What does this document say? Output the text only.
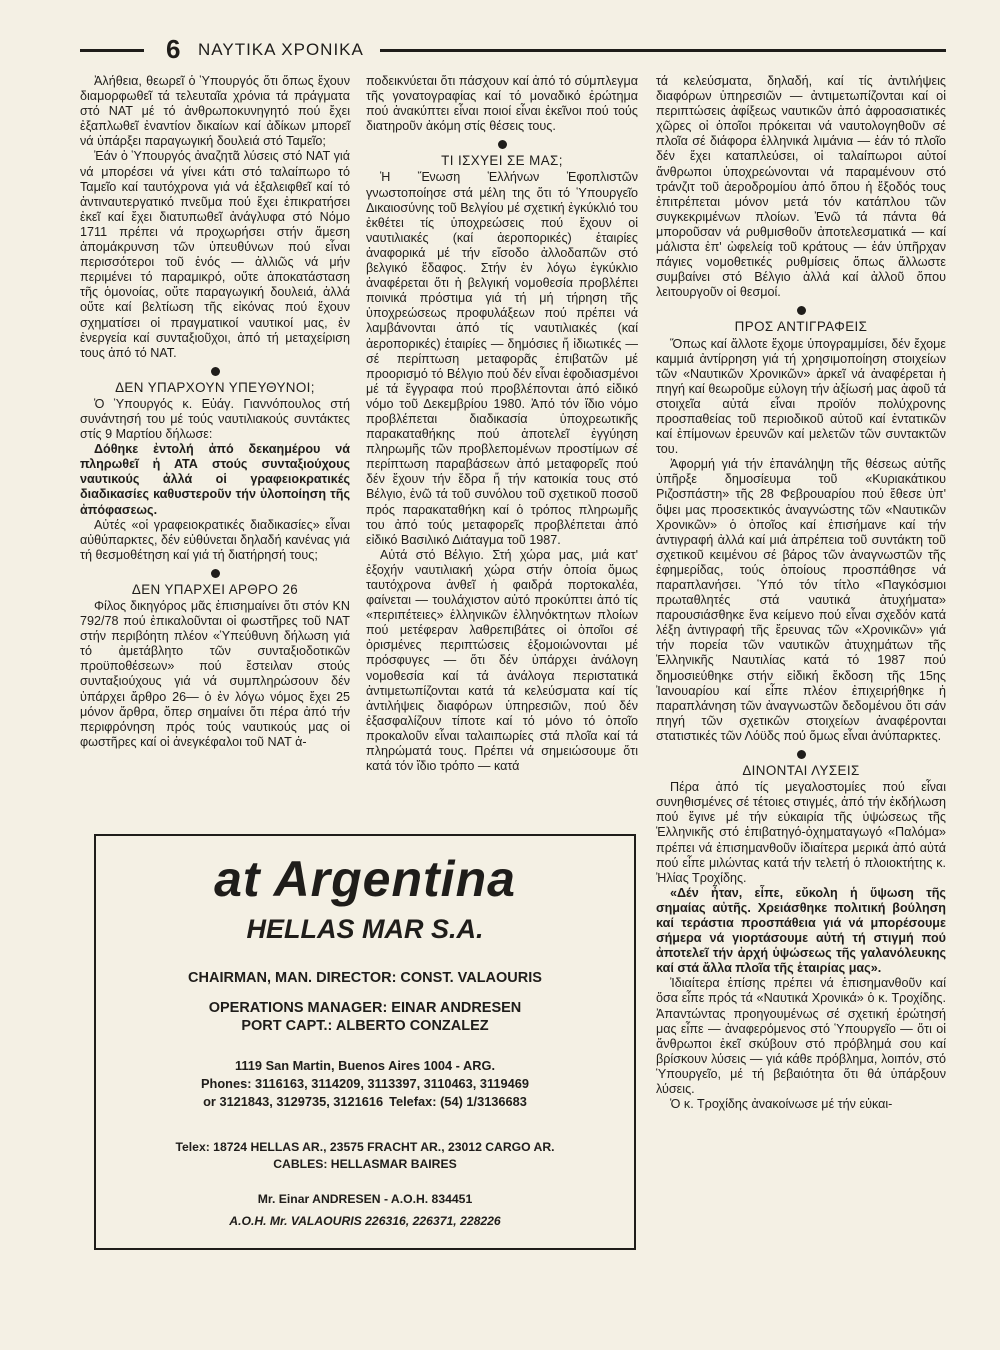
6 ΝΑΥΤΙΚΑ ΧΡΟΝΙΚΑ

Ἀλήθεια, θεωρεῖ ὁ Ὑπουργός ὅτι ὅπως ἔχουν διαμορφωθεῖ τά τελευταῖα χρόνια τά πράγματα στό ΝΑΤ μέ τό ἀνθρωποκυνηγητό πού ἔχει ἐξαπλωθεῖ ἐναντίον δικαίων καί ἀδίκων μπορεῖ νά ὑπάρξει παραγωγική δουλειά στό Ταμεῖο;

Ἐάν ὁ Ὑπουργός ἀναζητᾶ λύσεις στό ΝΑΤ γιά νά μπορέσει νά γίνει κάτι στό ταλαίπωρο τό Ταμεῖο καί ταυτόχρονα γιά νά ἐξαλειφθεῖ καί τό ἀντιναυτεργατικό πνεῦμα πού ἔχει ἐπικρατήσει ἐκεῖ καί ἔχει διατυπωθεῖ ἀνάγλυφα στό Νόμο 1711 πρέπει νά προχωρήσει στήν ἄμεση ἀπομάκρυνση τῶν ὑπευθύνων πού εἶναι περισσότεροι τοῦ ἑνός — ἀλλιῶς νά μήν περιμένει τό παραμικρό, οὔτε ἀποκατάσταση τῆς ὁμονοίας, οὔτε παραγωγική δουλειά, ἀλλά οὔτε καί βελτίωση τῆς εἰκόνας πού ἔχουν σχηματίσει οἱ πραγματικοί ναυτικοί μας, ἐν ἐνεργεία καί συνταξιοῦχοι, ἀπό τή μεταχείριση τους ἀπό τό ΝΑΤ.

ΔΕΝ ΥΠΑΡΧΟΥΝ ΥΠΕΥΘΥΝΟΙ;

Ὁ Ὑπουργός κ. Εὐάγ. Γιαννόπουλος στή συνάντησή του μέ τούς ναυτιλιακούς συντάκτες στίς 9 Μαρτίου δήλωσε:

Δόθηκε ἐντολή ἀπό δεκαημέρου νά πληρωθεῖ ἡ ΑΤΑ στούς συνταξιούχους ναυτικούς ἀλλά οἱ γραφειοκρατικές διαδικασίες καθυστεροῦν τήν ὑλοποίηση τῆς ἀπόφασεως.

Αὐτές «οἱ γραφειοκρατικές διαδικασίες» εἶναι αὐθύπαρκτες, δέν εὐθύνεται δηλαδή κανένας γιά τή θεσμοθέτηση καί γιά τή διατήρησή τους;

ΔΕΝ ΥΠΑΡΧΕΙ ΑΡΘΡΟ 26

Φίλος δικηγόρος μᾶς ἐπισημαίνει ὅτι στόν ΚΝ 792/78 πού ἐπικαλοῦνται οἱ φωστῆρες τοῦ ΝΑΤ στήν περιβόητη πλέον «Ὑπεύθυνη δήλωση γιά τό ἀμετάβλητο τῶν συνταξιοδοτικῶν προϋποθέσεων» πού ἔστειλαν στούς συνταξιούχους γιά νά συμπληρώσουν δέν ὑπάρχει ἄρθρο 26— ὁ ἐν λόγω νόμος ἔχει 25 μόνον ἄρθρα, ὅπερ σημαίνει ὅτι πέρα ἀπό τήν περιφρόνηση πρός τούς ναυτικούς μας οἱ φωστῆρες καί οἱ ἀνεγκέφαλοι τοῦ ΝΑΤ ἀ-

ποδεικνύεται ὅτι πάσχουν καί ἀπό τό σύμπλεγμα τῆς γονατογραφίας καί τό μοναδικό ἐρώτημα πού ἀνακύπτει εἶναι ποιοί εἶναι ἐκεῖνοι πού τούς διατηροῦν ἀκόμη στίς θέσεις τους.

ΤΙ ΙΣΧΥΕΙ ΣΕ ΜΑΣ;

Ἡ Ἕνωση Ἑλλήνων Ἐφοπλιστῶν γνωστοποίησε στά μέλη της ὅτι τό Ὑπουργεῖο Δικαιοσύνης τοῦ Βελγίου μέ σχετική ἐγκύκλιό του ἐκθέτει τίς ὑποχρεώσεις πού ἔχουν οἱ ναυτιλιακές (καί ἀεροπορικές) ἑταιρίες ἀναφορικά μέ τήν εἴσοδο ἀλλοδαπῶν στό βελγικό ἔδαφος. Στήν ἐν λόγω ἐγκύκλιο ἀναφέρεται ὅτι ἡ βελγική νομοθεσία προβλέπει ποινικά πρόστιμα γιά τή μή τήρηση τῆς ὑποχρεώσεως προφυλάξεων πού πρέπει νά λαμβάνονται ἀπό τίς ναυτιλιακές (καί ἀεροπορικές) ἑταιρίες — δημόσιες ἤ ἰδιωτικές — σέ περίπτωση μεταφορᾶς ἐπιβατῶν μέ προορισμό τό Βέλγιο πού δέν εἶναι ἐφοδιασμένοι μέ τά ἔγγραφα πού προβλέπονται ἀπό εἰδικό νόμο τοῦ Δεκεμβρίου 1980. Ἀπό τόν ἴδιο νόμο προβλέπεται διαδικασία ὑποχρεωτικῆς παρακαταθήκης πού ἀποτελεῖ ἐγγύηση πληρωμῆς τῶν προβλεπομένων προστίμων σέ περίπτωση παραβάσεων ἀπό μεταφορεῖς πού δέν ἔχουν τήν ἕδρα ἤ τήν κατοικία τους στό Βέλγιο, ἐνῶ τά τοῦ συνόλου τοῦ σχετικοῦ ποσοῦ πρός παρακαταθήκη καί ὁ τρόπος πληρωμῆς του ἀπό τούς μεταφορεῖς προβλέπεται ἀπό εἰδικό Βασιλικό Διάταγμα τοῦ 1987.

Αὐτά στό Βέλγιο. Στή χώρα μας, μιά κατ' ἐξοχήν ναυτιλιακή χώρα στήν ὁποία ὅμως ταυτόχρονα ἀνθεῖ ἡ φαιδρά πορτοκαλέα, φαίνεται — τουλάχιστον αὐτό προκύπτει ἀπό τίς «περιπέτειες» ἑλληνικῶν ἑλληνόκτητων πλοίων πού μετέφεραν λαθρεπιβάτες οἱ ὁποῖοι σέ ὁρισμένες περιπτώσεις ἐξομοιώνονται μέ πρόσφυγες — ὅτι δέν ὑπάρχει ἀνάλογη νομοθεσία καί τά ἀνάλογα περιστατικά ἀντιμετωπίζονται κατά τά κελεύσματα καί τίς ἀντιλήψεις διαφόρων ὑπηρεσιῶν, πού δέν ἐξασφαλίζουν τίποτε καί τό μόνο τό ὁποῖο προκαλοῦν εἶναι ταλαιπωρίες στά πλοῖα καί τά πληρώματά τους. Πρέπει νά σημειώσουμε ὅτι κατά τόν ἴδιο τρόπο — κατά

τά κελεύσματα, δηλαδή, καί τίς ἀντιλήψεις διαφόρων ὑπηρεσιῶν — ἀντιμετωπίζονται καί οἱ περιπτώσεις ἀφίξεως ναυτικῶν ἀπό ἀφροασιατικές χῶρες οἱ ὁποῖοι πρόκειται νά ναυτολογηθοῦν σέ πλοῖα σέ διάφορα ἑλληνικά λιμάνια — ἐάν τό πλοῖο δέν ἔχει καταπλεύσει, οἱ ταλαίπωροι αὐτοί ἄνθρωποι ὑποχρεώνονται νά παραμένουν στό τράνζιτ τοῦ ἀεροδρομίου ἀπό ὅπου ἡ ἔξοδός τους ἐπιτρέπεται μόνον μετά τόν κατάπλου τῶν συγκεκριμένων πλοίων. Ἐνῶ τά πάντα θά μποροῦσαν νά ρυθμισθοῦν ἀποτελεσματικά — καί μάλιστα ἐπ' ὠφελείᾳ τοῦ κράτους — ἐάν ὑπῆρχαν πάγιες νομοθετικές ρυθμίσεις ὅπως ἄλλωστε συμβαίνει στό Βέλγιο ἀλλά καί ἀλλοῦ ὅπου λειτουργοῦν οἱ θεσμοί.

ΠΡΟΣ ΑΝΤΙΓΡΑΦΕΙΣ

Ὅπως καί ἄλλοτε ἔχομε ὑπογραμμίσει, δέν ἔχομε καμμιά ἀντίρρηση γιά τή χρησιμοποίηση στοιχείων τῶν «Ναυτικῶν Χρονικῶν» ἀρκεῖ νά ἀναφέρεται ἡ πηγή καί θεωροῦμε εὐλογη τήν ἀξίωσή μας ἀφοῦ τά στοιχεῖα αὐτά εἶναι προϊόν πολύχρονης προσπαθείας τοῦ περιοδικοῦ αὐτοῦ καί ἐντατικῶν καί ἐπίμονων ἐρευνῶν καί μελετῶν τῶν συντακτῶν του.

Ἀφορμή γιά τήν ἐπανάληψη τῆς θέσεως αὐτῆς ὑπῆρξε δημοσίευμα τοῦ «Κυριακάτικου Ριζοσπάστη» τῆς 28 Φεβρουαρίου πού ἔθεσε ὑπ' ὄψει μας προσεκτικός ἀναγνώστης τῶν «Ναυτικῶν Χρονικῶν» ὁ ὁποῖος καί ἐπισήμανε καί τήν ἀντιγραφή ἀλλά καί μιά ἀπρέπεια τοῦ συντάκτη τοῦ σχετικοῦ κειμένου σέ βάρος τῶν ἀναγνωστῶν τῆς ἐφημερίδας, τούς ὁποίους προσπάθησε νά παραπλανήσει. Ὑπό τόν τίτλο «Παγκόσμιοι πρωταθλητές στά ναυτικά ἀτυχήματα» παρουσιάσθηκε ἕνα κείμενο πού εἶναι σχεδόν κατά λέξη ἀντιγραφή τῆς ἔρευνας τῶν «Χρονικῶν» γιά τήν πορεία τῶν ναυτικῶν ἀτυχημάτων τῆς Ἑλληνικῆς Ναυτιλίας κατά τό 1987 πού δημοσιεύθηκε στήν εἰδική ἔκδοση τῆς 15ης Ἰανουαρίου καί εἶπε πλέον ἐπιχειρήθηκε ἡ παραπλάνηση τῶν ἀναγνωστῶν δεδομένου ὅτι σάν πηγή τῶν σχετικῶν στοιχείων ἀναφέρονται στατιστικές τῶν Λόϋδς πού ὅμως εἶναι ἀνύπαρκτες.

ΔΙΝΟΝΤΑΙ ΛΥΣΕΙΣ

Πέρα ἀπό τίς μεγαλοστομίες πού εἶναι συνηθισμένες σέ τέτοιες στιγμές, ἀπό τήν ἐκδήλωση πού ἔγινε μέ τήν εὐκαιρία τῆς ὑψώσεως τῆς Ἑλληνικῆς στό ἐπιβατηγό-ὀχηματαγωγό «Παλόμα» πρέπει νά ἐπισημανθοῦν ἰδιαίτερα μερικά ἀπό αὐτά πού εἶπε μιλώντας κατά τήν τελετή ὁ πλοιοκτήτης κ. Ἠλίας Τροχίδης.

«Δέν ἦταν, εἶπε, εὔκολη ἡ ὕψωση τῆς σημαίας αὐτῆς. Χρειάσθηκε πολιτική βούληση καί τεράστια προσπάθεια γιά νά μπορέσουμε σήμερα νά γιορτάσουμε αὐτή τή στιγμή πού ἀποτελεῖ τήν ἀρχή ὑψώσεως τῆς γαλανόλευκης καί στά ἄλλα πλοῖα τῆς ἑταιρίας μας».

Ἰδιαίτερα ἐπίσης πρέπει νά ἐπισημανθοῦν καί ὅσα εἶπε πρός τά «Ναυτικά Χρονικά» ὁ κ. Τροχίδης. Ἀπαντώντας προηγουμένως σέ σχετική ἐρώτησή μας εἶπε — ἀναφερόμενος στό Ὑπουργεῖο — ὅτι οἱ ἄνθρωποι ἐκεῖ σκύβουν στό πρόβλημά σου καί βρίσκουν λύσεις — γιά κάθε πρόβλημα, λοιπόν, στό Ὑπουργεῖο, μέ τή βεβαιότητα ὅτι θά ὑπάρξουν λύσεις.

Ὁ κ. Τροχίδης ἀνακοίνωσε μέ τήν εὐκαι-

at Argentina
HELLAS MAR S.A.
CHAIRMAN, MAN. DIRECTOR: CONST. VALAOURIS
OPERATIONS MANAGER: EINAR ANDRESEN
PORT CAPT.: ALBERTO CONZALEZ
1119 San Martin, Buenos Aires 1004 - ARG.
Phones: 3116163, 3114209, 3113397, 3110463, 3119469
or 3121843, 3129735, 3121616 Telefax: (54) 1/3136683
Telex: 18724 HELLAS AR., 23575 FRACHT AR., 23012 CARGO AR.
CABLES: HELLASMAR BAIRES
Mr. Einar ANDRESEN - A.O.H. 834451
A.O.H. Mr. VALAOURIS 226316, 226371, 228226
